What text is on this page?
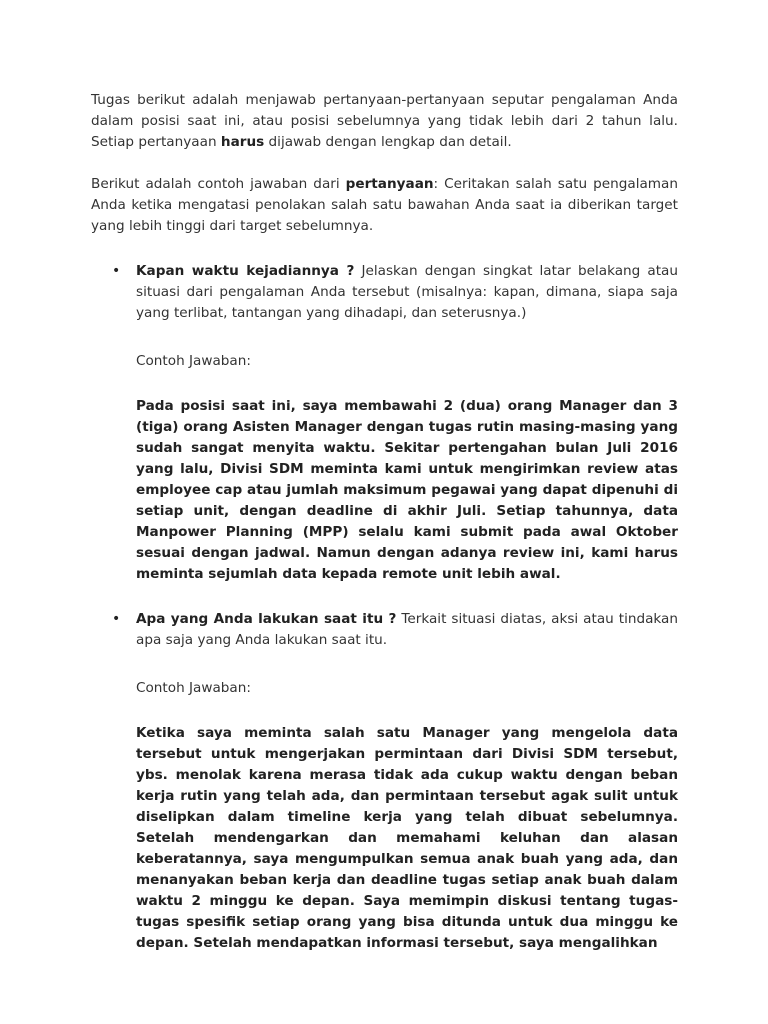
Tugas berikut adalah menjawab pertanyaan-pertanyaan seputar pengalaman Anda dalam posisi saat ini, atau posisi sebelumnya yang tidak lebih dari 2 tahun lalu. Setiap pertanyaan harus dijawab dengan lengkap dan detail.

Berikut adalah contoh jawaban dari pertanyaan: Ceritakan salah satu pengalaman Anda ketika mengatasi penolakan salah satu bawahan Anda saat ia diberikan target yang lebih tinggi dari target sebelumnya.

• Kapan waktu kejadiannya ? Jelaskan dengan singkat latar belakang atau situasi dari pengalaman Anda tersebut (misalnya: kapan, dimana, siapa saja yang terlibat, tantangan yang dihadapi, dan seterusnya.)

Contoh Jawaban:

Pada posisi saat ini, saya membawahi 2 (dua) orang Manager dan 3 (tiga) orang Asisten Manager dengan tugas rutin masing-masing yang sudah sangat menyita waktu. Sekitar pertengahan bulan Juli 2016 yang lalu, Divisi SDM meminta kami untuk mengirimkan review atas employee cap atau jumlah maksimum pegawai yang dapat dipenuhi di setiap unit, dengan deadline di akhir Juli. Setiap tahunnya, data Manpower Planning (MPP) selalu kami submit pada awal Oktober sesuai dengan jadwal. Namun dengan adanya review ini, kami harus meminta sejumlah data kepada remote unit lebih awal.

• Apa yang Anda lakukan saat itu ? Terkait situasi diatas, aksi atau tindakan apa saja yang Anda lakukan saat itu.

Contoh Jawaban:

Ketika saya meminta salah satu Manager yang mengelola data tersebut untuk mengerjakan permintaan dari Divisi SDM tersebut, ybs. menolak karena merasa tidak ada cukup waktu dengan beban kerja rutin yang telah ada, dan permintaan tersebut agak sulit untuk diselipkan dalam timeline kerja yang telah dibuat sebelumnya. Setelah mendengarkan dan memahami keluhan dan alasan keberatannya, saya mengumpulkan semua anak buah yang ada, dan menanyakan beban kerja dan deadline tugas setiap anak buah dalam waktu 2 minggu ke depan. Saya memimpin diskusi tentang tugas-tugas spesifik setiap orang yang bisa ditunda untuk dua minggu ke depan. Setelah mendapatkan informasi tersebut, saya mengalihkan
